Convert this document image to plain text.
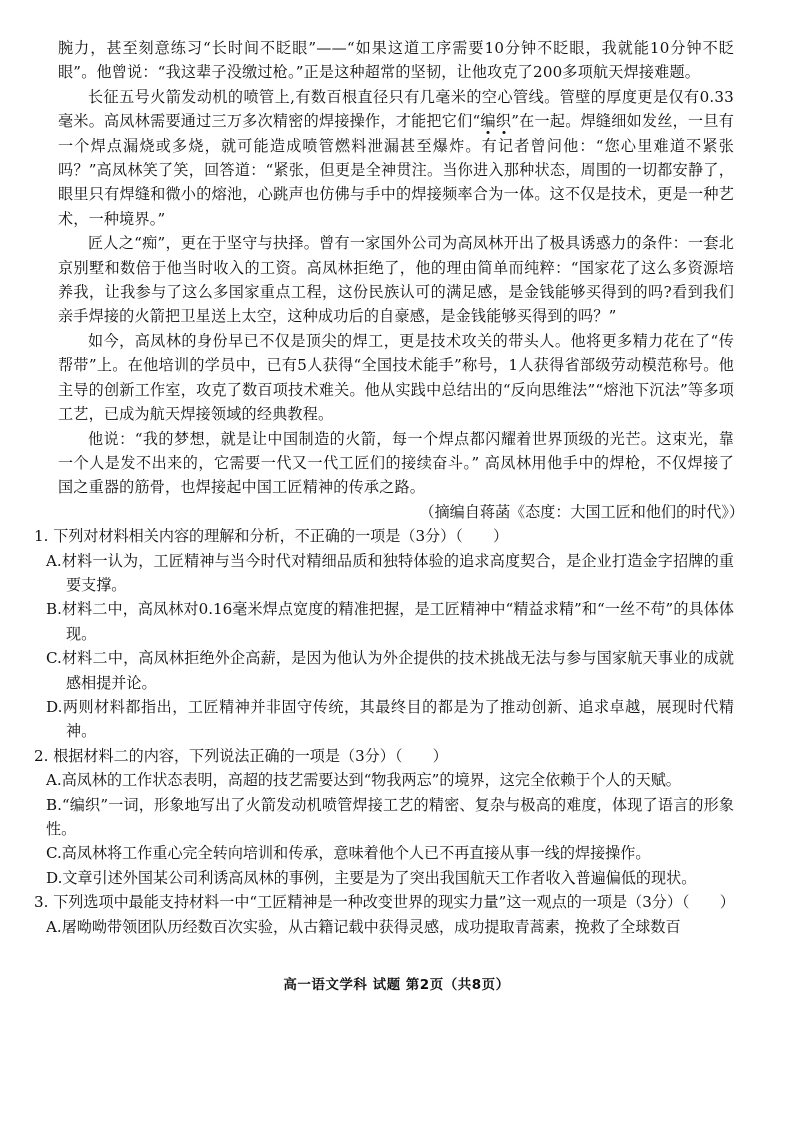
腕力，甚至刻意练习“长时间不眨眼”——“如果这道工序需要10分钟不眨眼，我就能10分钟不眨眼”。他曾说：“我这辈子没缴过枪。”正是这种超常的坚韧，让他攻克了200多项航天焊接难题。

长征五号火箭发动机的喷管上,有数百根直径只有几毫米的空心管线。管壁的厚度更是仅有0.33毫米。高凤林需要通过三万多次精密的焊接操作，才能把它们“编织”在一起。焊缝细如发丝，一旦有一个焊点漏烧或多烧，就可能造成喷管燃料泄漏甚至爆炸。有记者曾问他：“您心里难道不紧张吗？”高凤林笑了笑，回答道：“紧张，但更是全神贯注。当你进入那种状态，周围的一切都安静了，眼里只有焊缝和微小的熔池，心跳声也仿佛与手中的焊接频率合为一体。这不仅是技术，更是一种艺术，一种境界。”

匠人之“痴”，更在于坚守与抉择。曾有一家国外公司为高凤林开出了极具诱惑力的条件：一套北京别墅和数倍于他当时收入的工资。高凤林拒绝了，他的理由简单而纯粹：“国家花了这么多资源培养我，让我参与了这么多国家重点工程，这份民族认可的满足感，是金钱能够买得到的吗?看到我们亲手焊接的火箭把卫星送上太空，这种成功后的自豪感，是金钱能够买得到的吗？”

如今，高凤林的身份早已不仅是顶尖的焊工，更是技术攻关的带头人。他将更多精力花在了“传帮带”上。在他培训的学员中，已有5人获得“全国技术能手”称号，1人获得省部级劳动模范称号。他主导的创新工作室，攻克了数百项技术难关。他从实践中总结出的“反向思维法”“熔池下沉法”等多项工艺，已成为航天焊接领域的经典教程。

他说：“我的梦想，就是让中国制造的火箭，每一个焊点都闪耀着世界顶级的光芒。这束光，靠一个人是发不出来的，它需要一代又一代工匠们的接续奋斗。” 高凤林用他手中的焊枪，不仅焊接了国之重器的筋骨，也焊接起中国工匠精神的传承之路。

（摘编自蒋菡《态度：大国工匠和他们的时代》）

1. 下列对材料相关内容的理解和分析，不正确的一项是（3分）（　　）

A.材料一认为，工匠精神与当今时代对精细品质和独特体验的追求高度契合，是企业打造金字招牌的重要支撑。

B.材料二中，高凤林对0.16毫米焊点宽度的精准把握，是工匠精神中“精益求精”和“一丝不苟”的具体体现。

C.材料二中，高凤林拒绝外企高薪，是因为他认为外企提供的技术挑战无法与参与国家航天事业的成就感相提并论。

D.两则材料都指出，工匠精神并非固守传统，其最终目的都是为了推动创新、追求卓越，展现时代精神。

2. 根据材料二的内容，下列说法正确的一项是（3分）（　　）

A.高凤林的工作状态表明，高超的技艺需要达到“物我两忘”的境界，这完全依赖于个人的天赋。

B.“编织”一词，形象地写出了火箭发动机喷管焊接工艺的精密、复杂与极高的难度，体现了语言的形象性。

C.高凤林将工作重心完全转向培训和传承，意味着他个人已不再直接从事一线的焊接操作。

D.文章引述外国某公司利诱高凤林的事例，主要是为了突出我国航天工作者收入普遍偏低的现状。

3. 下列选项中最能支持材料一中“工匠精神是一种改变世界的现实力量”这一观点的一项是（3分）（　　）

A.屠呦呦带领团队历经数百次实验，从古籍记载中获得灵感，成功提取青蒿素，挽救了全球数百

高一语文学科 试题 第2页（共8页）
